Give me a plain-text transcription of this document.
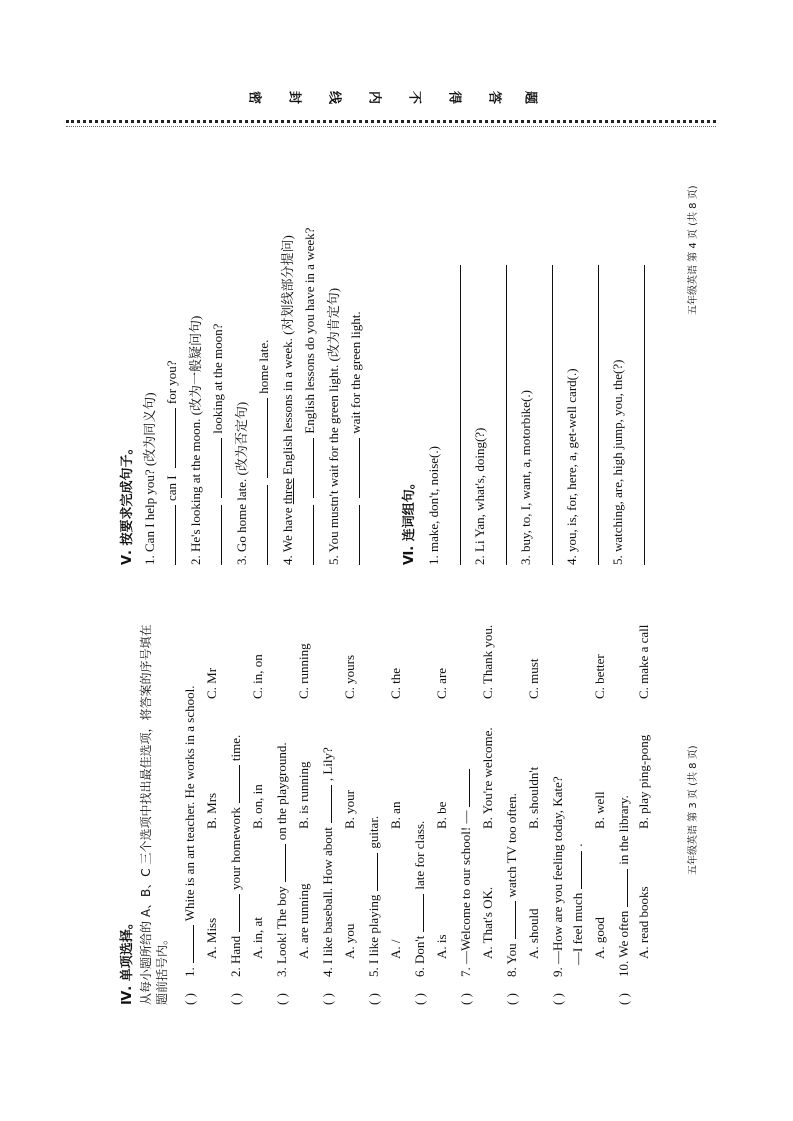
密 封 线 内 不 得 答 题
Ⅳ. 单项选择。 从每小题所给的 A、B、C 三个选项中找出最佳选项，将答案的序号填在题前括号内。 ( )
1.White is an art teacher. He works in a school.
A. Miss
B. Mrs
C. Mr
( )
2. Handyour homeworktime.
A. in, at
B. on, in
C. in, on
( )
3. Look! The boyon the playground.
A. are running
B. is running
C. running
( )
4. I like baseball. How about, Lily?
A. you
B. your
C. yours
( )
5. I like playingguitar.
A. /
B. an
C. the
( )
6. Don'tlate for class.
A. is
B. be
C. are
( )
7. —Welcome to our school! — A. That's OK.
B. You're welcome.
C. Thank you.
( )
8. Youwatch TV too often.
A. should
B. shouldn't
C. must
( )
9. —How are you feeling today, Kate? —I feel much.
A. good
B. well
C. better
( )
10. We oftenin the library.
A. read books
B. play ping-pong
C. make a call
五年级英语 第 3 页 (共 8 页)
Ⅴ. 按要求完成句子。 1. Can I help you? (改为同义句) can I for you? 2. He's looking at the moon. (改为一般疑问句) looking at the moon?
3. Go home late. (改为否定句)
home late.
4. We have three English lessons in a week. (对划线部分提问) English lessons do you have in a week? 5. You mustn't wait for the green light. (改为肯定句) wait for the green light.
Ⅵ. 连词组句。 1. make, don't, noise(.) 2. Li Yan, what's, doing(?) 3. buy, to, I, want, a, motorbike(.) 4. you, is, for, here, a, get-well card(.) 5. watching, are, high jump, you, the(?)
五年级英语 第 4 页 (共 8 页)
